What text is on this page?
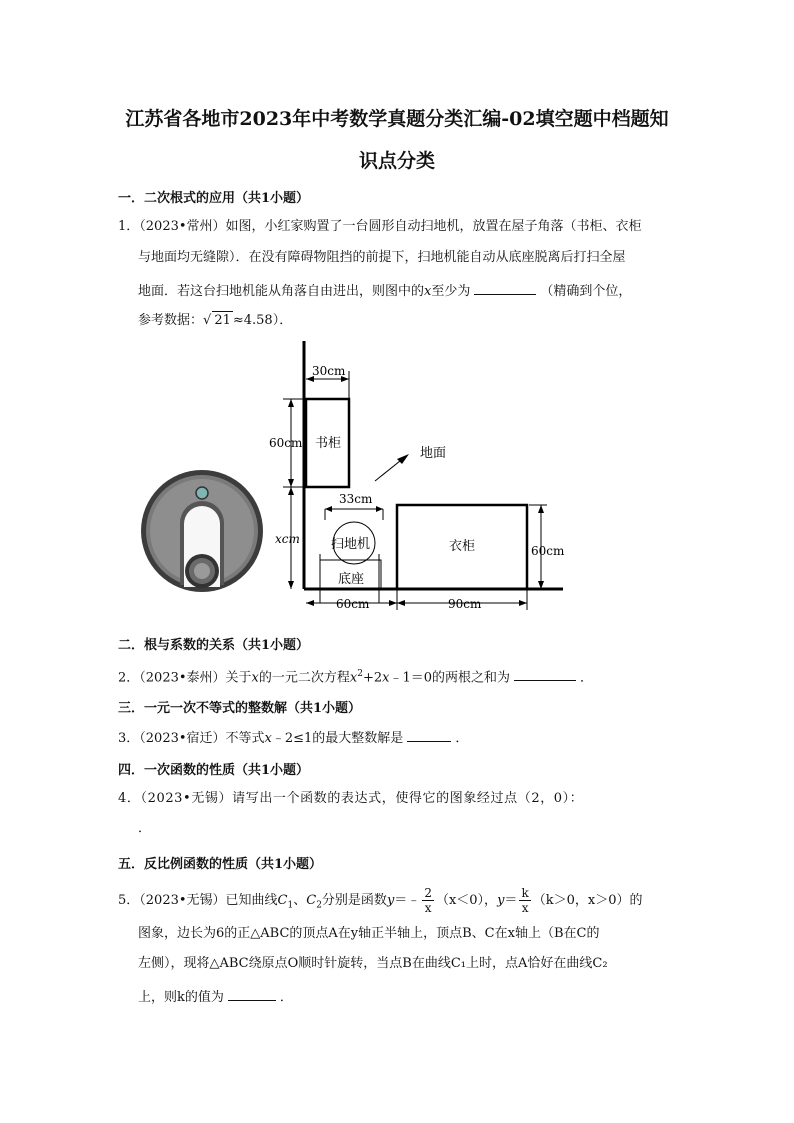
江苏省各地市2023年中考数学真题分类汇编-02填空题中档题知
识点分类
一．二次根式的应用（共1小题）
1．（2023•常州）如图，小红家购置了一台圆形自动扫地机，放置在屋子角落（书柜、衣柜
与地面均无缝隙）．在没有障碍物阻挡的前提下，扫地机能自动从底座脱离后打扫全屋
地面．若这台扫地机能从角落自由进出，则图中的x至少为	（精确到个位，
参考数据：√ 21 ≈4.58）．
30cm
60cm 书柜
地面
33cm
xcm 扫地机
底座
衣柜	60cm
60cm	90cm
二．根与系数的关系（共1小题）
2．（2023•泰州）关于x的一元二次方程$x^2+2x﹣1=0$的两根之和为	．
三．一元一次不等式的整数解（共1小题）
3．（2023•宿迁）不等式x﹣2≤1的最大整数解是	．
四．一次函数的性质（共1小题）
4．（2023•无锡）请写出一个函数的表达式，使得它的图象经过点（2，0）：
．
五．反比例函数的性质（共1小题）
5．（2023•无锡）已知曲线$C_1$、$C_2$分别是函数y＝﹣ $\frac{2}{x} (x<0)$，$y= \frac{k}{x} (k>0$，x＞0）的
图象，边长为6的正△ABC的顶点A在y轴正半轴上，顶点B、C在x轴上（B在C的
左侧），现将△ABC绕原点O顺时针旋转，当点B在曲线C₁上时，点A恰好在曲线C₂
上，则k的值为	．
